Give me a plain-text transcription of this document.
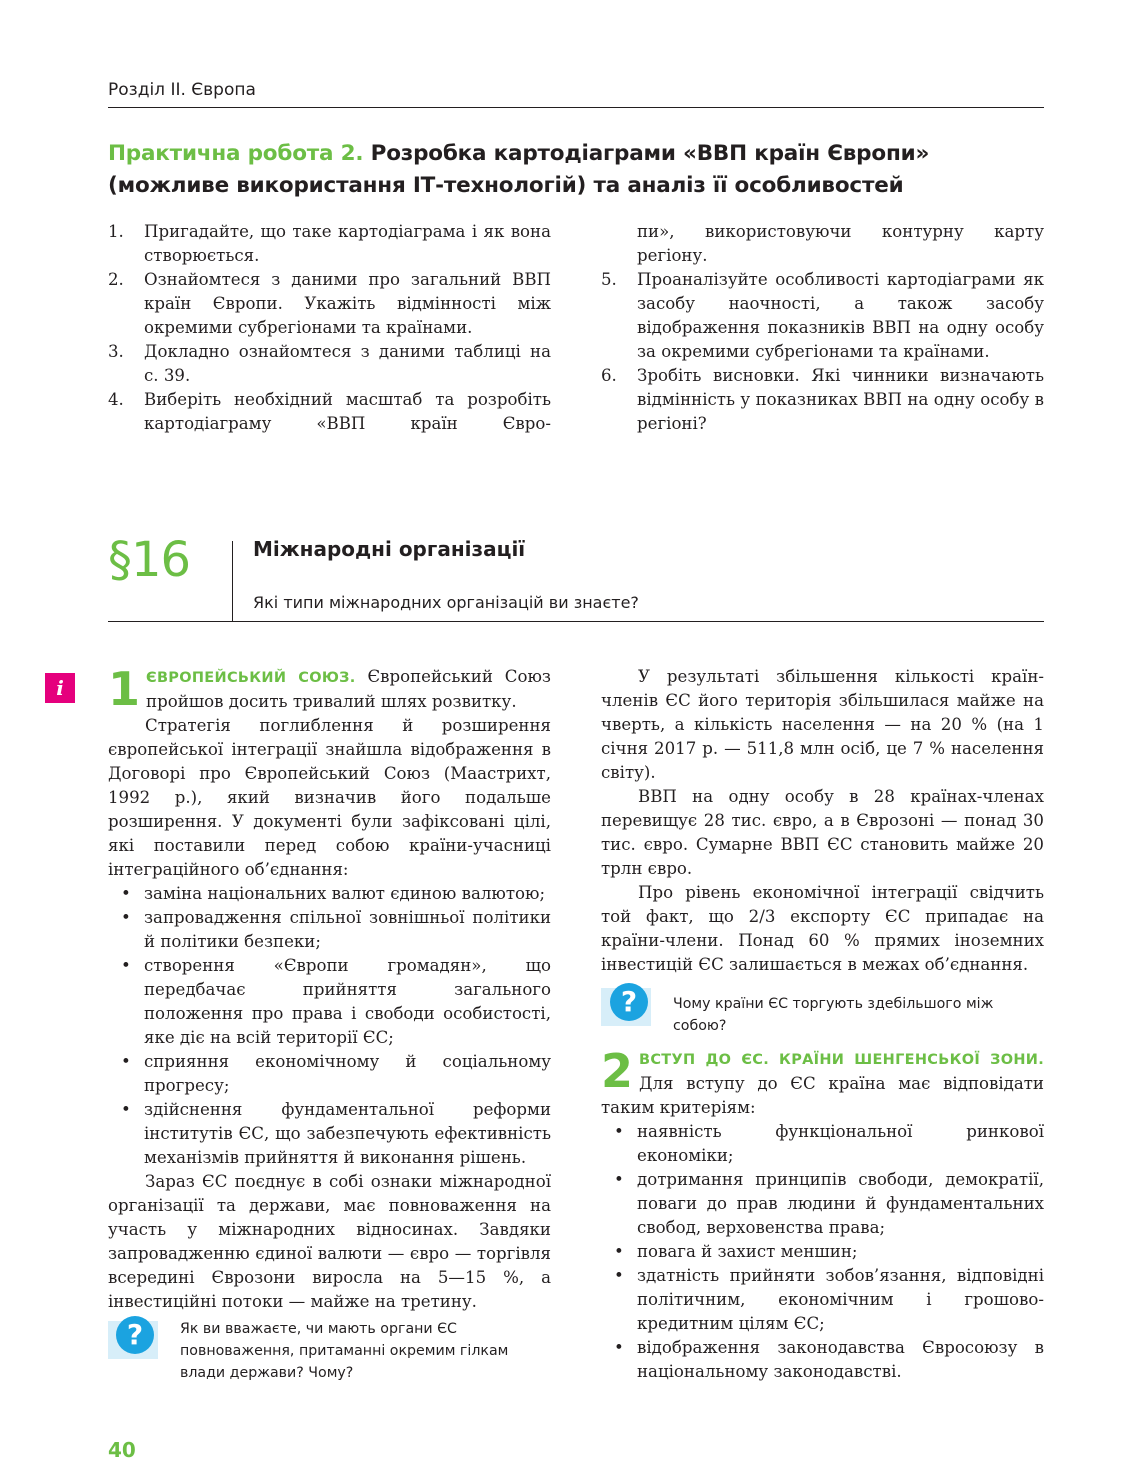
Розділ ІІ. Європа
Практична робота 2. Розробка картодіаграми «ВВП країн Європи» (можливе використання ІТ-технологій) та аналіз її особливостей
1. Пригадайте, що таке картодіаграма і як вона створюється.
2. Ознайомтеся з даними про загальний ВВП країн Європи. Укажіть відмінності між окремими субрегіонами та країнами.
3. Докладно ознайомтеся з даними таблиці на с. 39.
4. Виберіть необхідний масштаб та розробіть картодіаграму «ВВП країн Євро-
пи», використовуючи контурну карту регіону.
5. Проаналізуйте особливості картодіаграми як засобу наочності, а також засобу відображення показників ВВП на одну особу за окремими субрегіонами та країнами.
6. Зробіть висновки. Які чинники визначають відмінність у показниках ВВП на одну особу в регіоні?
§16	Міжнародні організації
Які типи міжнародних організацій ви знаєте?
i 1 ЄВРОПЕЙСЬКИЙ СОЮЗ. Європейський Союз пройшов досить тривалий шлях розвитку.

Стратегія поглиблення й розширення європейської інтеграції знайшла відображення в Договорі про Європейський Союз (Маастрихт, 1992 р.), який визначив його подальше розширення. У документі були зафіксовані цілі, які поставили перед собою країни-учасниці інтеграційного об’єднання:

• заміна національних валют єдиною валютою;
• запровадження спільної зовнішньої політики й політики безпеки;
• створення «Європи громадян», що передбачає прийняття загального положення про права і свободи особистості, яке діє на всій території ЄС;
• сприяння економічному й соціальному прогресу;
• здійснення фундаментальної реформи інститутів ЄС, що забезпечують ефективність механізмів прийняття й виконання рішень.

Зараз ЄС поєднує в собі ознаки міжнародної організації та держави, має повноваження на участь у міжнародних відносинах. Завдяки запровадженню єдиної валюти — євро — торгівля всередині Єврозони виросла на 5—15 %, а інвестиційні потоки — майже на третину.

?	Як ви вважаєте, чи мають органи ЄС повноваження, притаманні окремим гілкам влади держави? Чому?

У результаті збільшення кількості країн-членів ЄС його територія збільшилася майже на чверть, а кількість населення — на 20 % (на 1 січня 2017 р. — 511,8 млн осіб, це 7 % населення світу).

ВВП на одну особу в 28 країнах-членах перевищує 28 тис. євро, а в Єврозоні — понад 30 тис. євро. Сумарне ВВП ЄС становить майже 20 трлн євро.

Про рівень економічної інтеграції свідчить той факт, що 2/3 експорту ЄС припадає на країни-члени. Понад 60 % прямих іноземних інвестицій ЄС залишається в межах об’єднання.

?	Чому країни ЄС торгують здебільшого між собою?

2 ВСТУП ДО ЄС. КРАЇНИ ШЕНГЕНСЬКОЇ ЗОНИ. Для вступу до ЄС країна має відповідати таким критеріям:

• наявність функціональної ринкової економіки;
• дотримання принципів свободи, демократії, поваги до прав людини й фундаментальних свобод, верховенства права;
• повага й захист меншин;
• здатність прийняти зобов’язання, відповідні політичним, економічним і грошово-кредитним цілям ЄС;
• відображення законодавства Євросоюзу в національному законодавстві.
40
